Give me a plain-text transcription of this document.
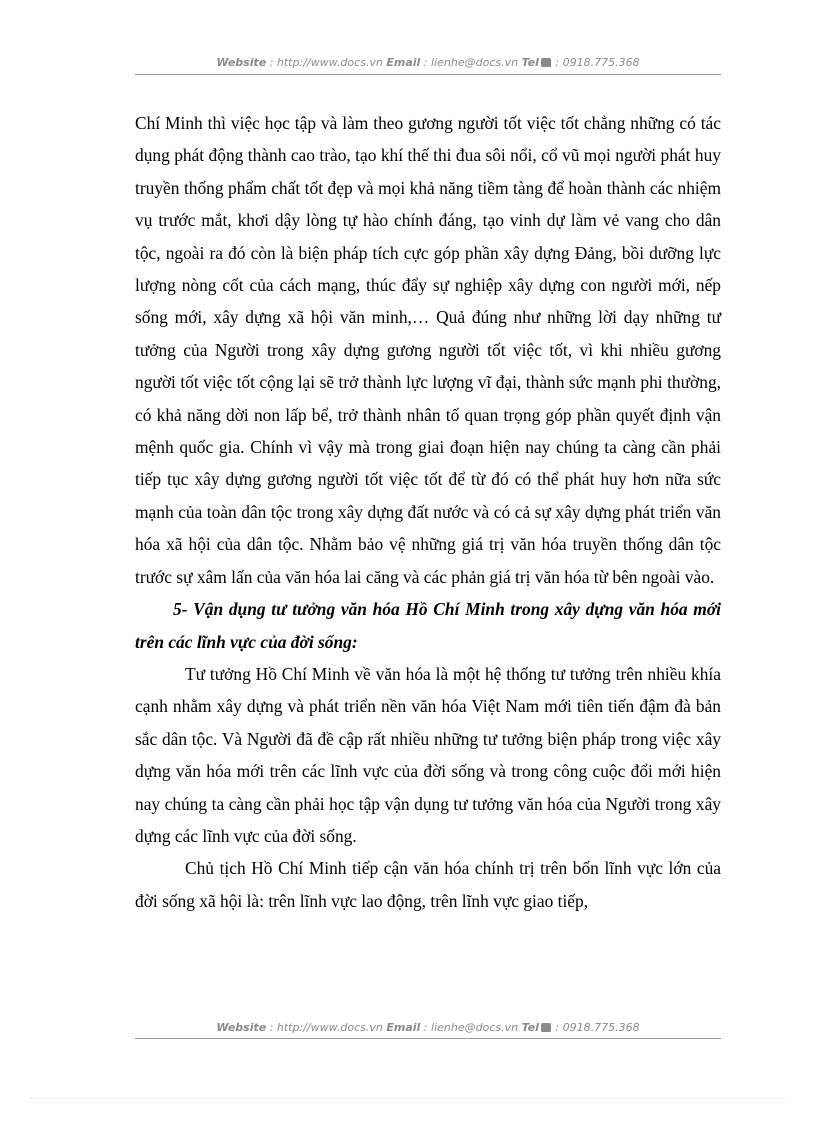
Website : http://www.docs.vn Email : lienhe@docs.vn Tel : 0918.775.368

Chí Minh thì việc học tập và làm theo gương người tốt việc tốt chẳng những có tác dụng phát động thành cao trào, tạo khí thế thi đua sôi nổi, cổ vũ mọi người phát huy truyền thống phẩm chất tốt đẹp và mọi khả năng tiềm tàng để hoàn thành các nhiệm vụ trước mắt, khơi dậy lòng tự hào chính đáng, tạo vinh dự làm vẻ vang cho dân tộc, ngoài ra đó còn là biện pháp tích cực góp phần xây dựng Đảng, bồi dưỡng lực lượng nòng cốt của cách mạng, thúc đẩy sự nghiệp xây dựng con người mới, nếp sống mới, xây dựng xã hội văn minh,… Quả đúng như những lời dạy những tư tưởng của Người trong xây dựng gương người tốt việc tốt, vì khi nhiều gương người tốt việc tốt cộng lại sẽ trở thành lực lượng vĩ đại, thành sức mạnh phi thường, có khả năng dời non lấp bể, trở thành nhân tố quan trọng góp phần quyết định vận mệnh quốc gia. Chính vì vậy mà trong giai đoạn hiện nay chúng ta càng cần phải tiếp tục xây dựng gương người tốt việc tốt để từ đó có thể phát huy hơn nữa sức mạnh của toàn dân tộc trong xây dựng đất nước và có cả sự xây dựng phát triển văn hóa xã hội của dân tộc. Nhằm bảo vệ những giá trị văn hóa truyền thống dân tộc trước sự xâm lấn của văn hóa lai căng và các phản giá trị văn hóa từ bên ngoài vào.

5- Vận dụng tư tưởng văn hóa Hồ Chí Minh trong xây dựng văn hóa mới trên các lĩnh vực của đời sống:

Tư tưởng Hồ Chí Minh về văn hóa là một hệ thống tư tưởng trên nhiều khía cạnh nhằm xây dựng và phát triển nền văn hóa Việt Nam mới tiên tiến đậm đà bản sắc dân tộc. Và Người đã đề cập rất nhiều những tư tưởng biện pháp trong việc xây dựng văn hóa mới trên các lĩnh vực của đời sống và trong công cuộc đổi mới hiện nay chúng ta càng cần phải học tập vận dụng tư tưởng văn hóa của Người trong xây dựng các lĩnh vực của đời sống.

Chủ tịch Hồ Chí Minh tiếp cận văn hóa chính trị trên bốn lĩnh vực lớn của đời sống xã hội là: trên lĩnh vực lao động, trên lĩnh vực giao tiếp,

Website : http://www.docs.vn Email : lienhe@docs.vn Tel : 0918.775.368
